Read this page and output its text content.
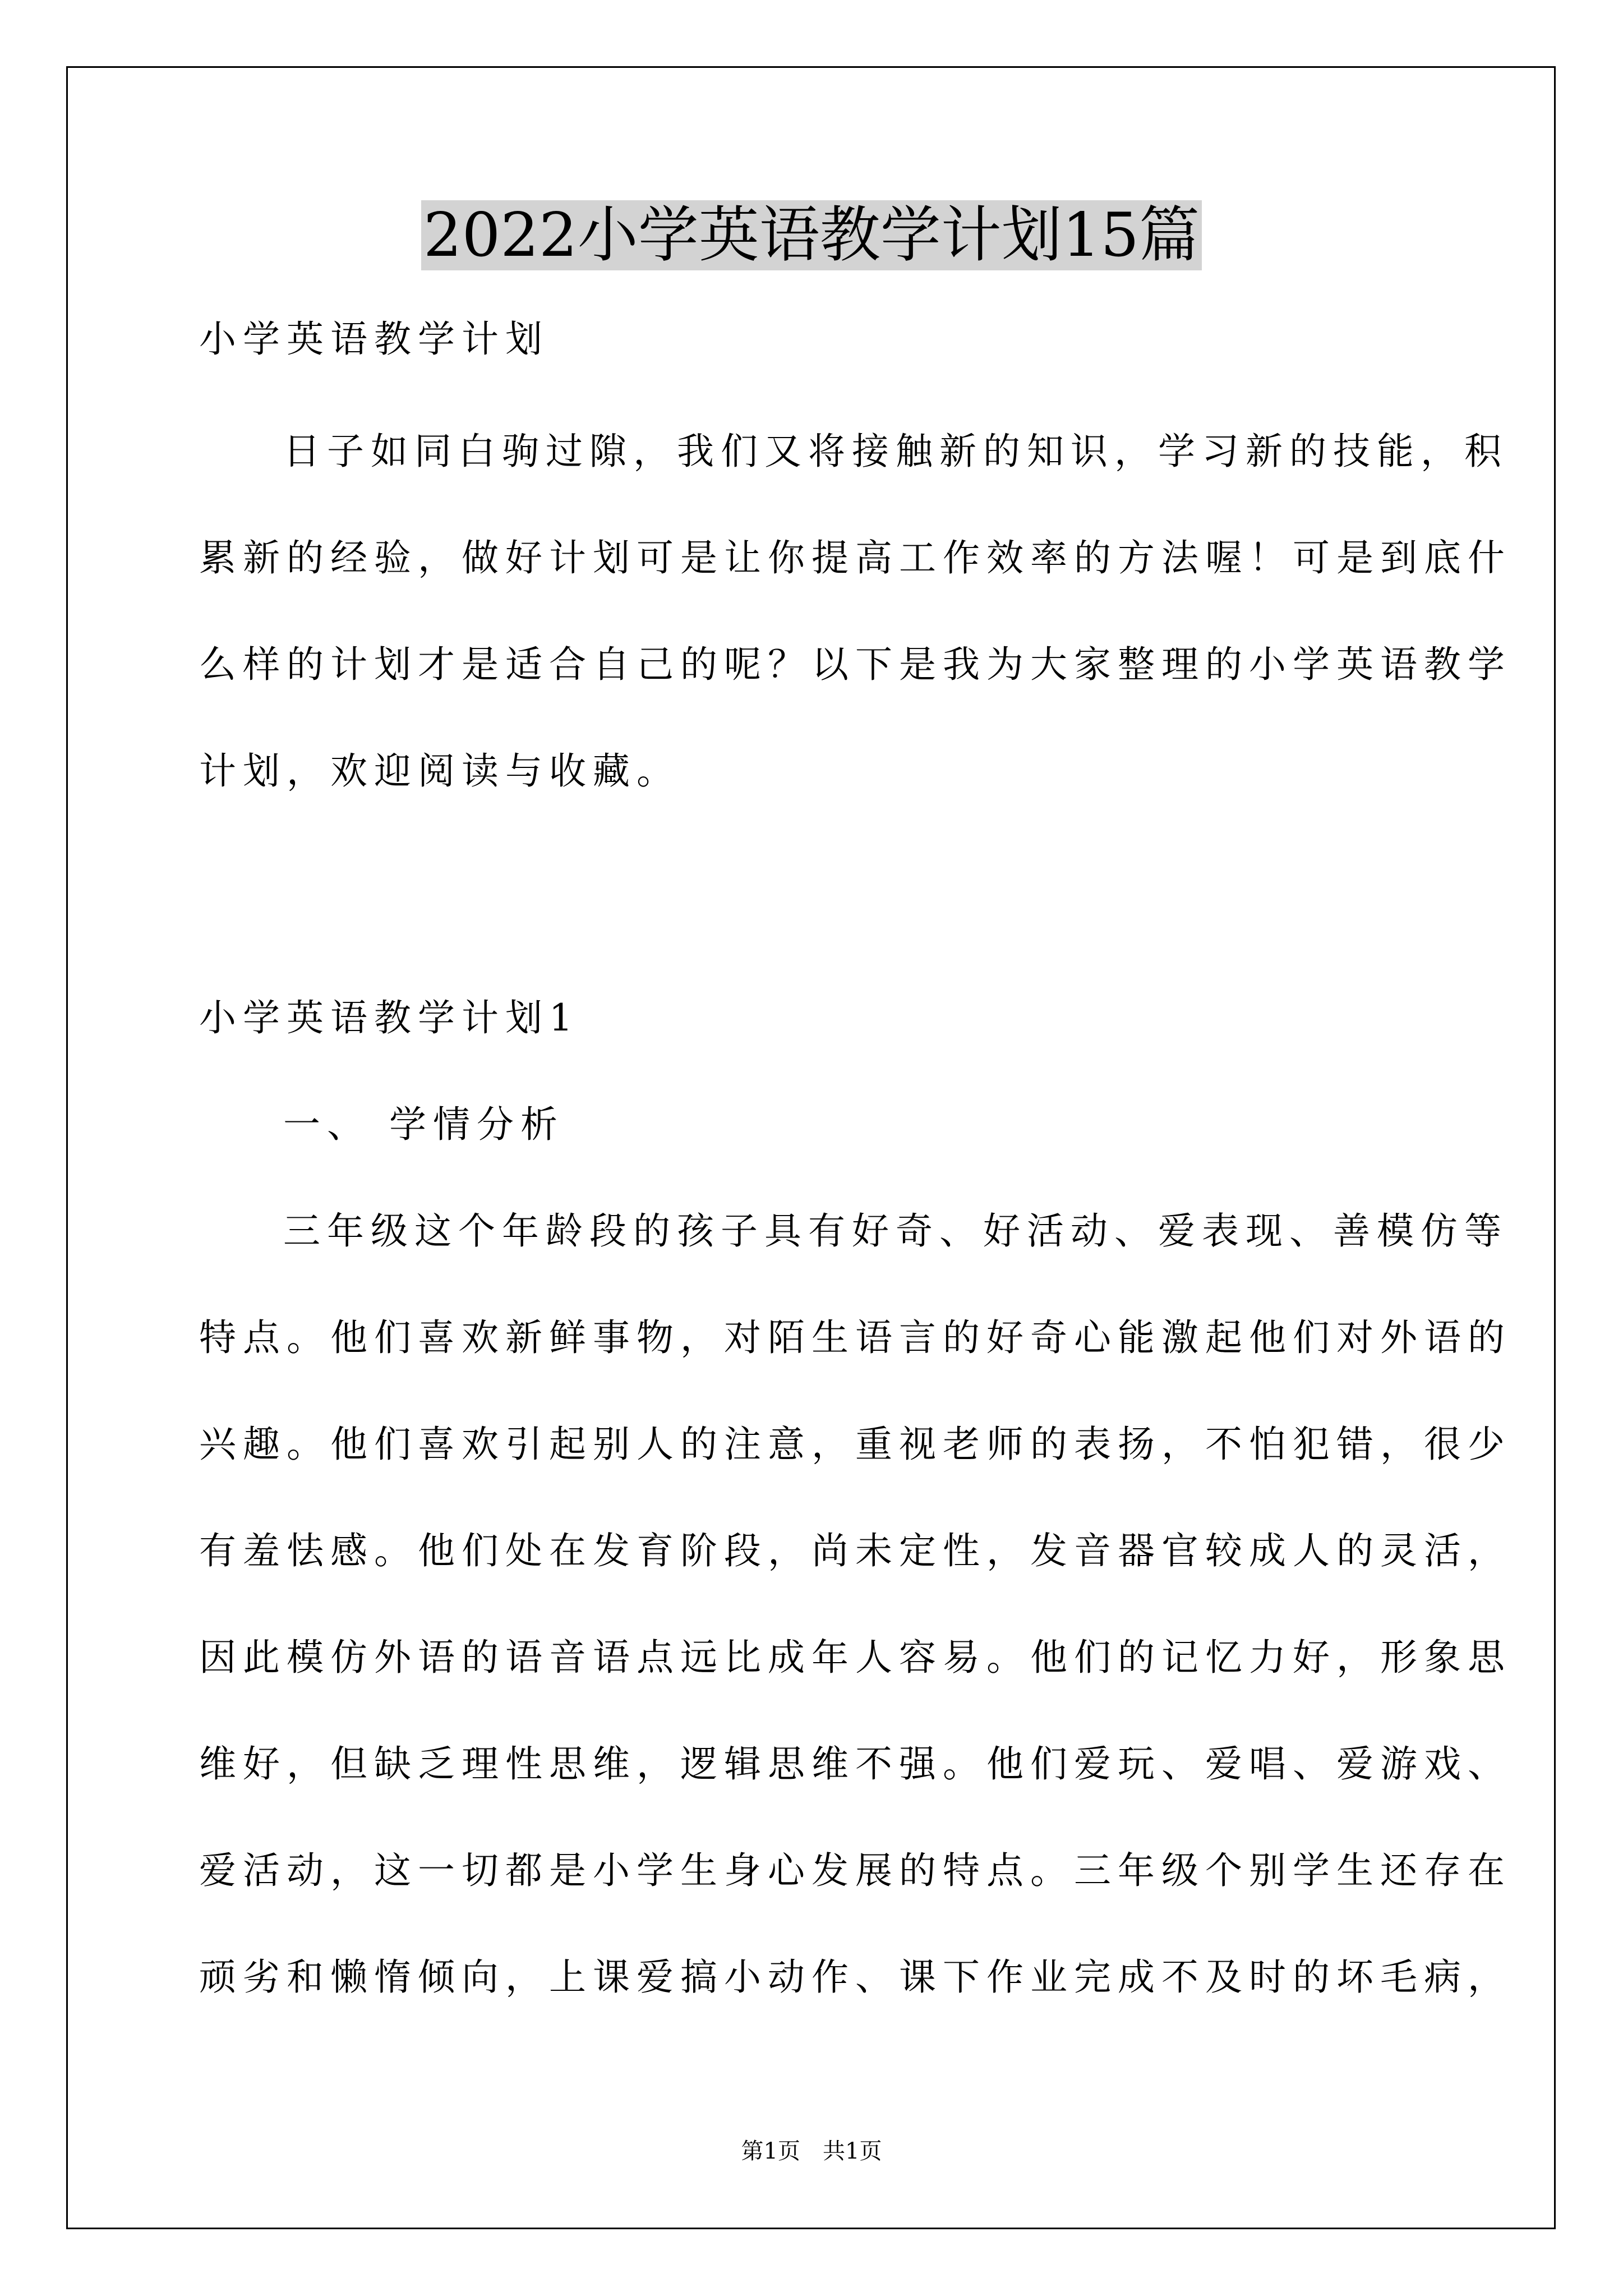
2022小学英语教学计划15篇

小学英语教学计划

日子如同白驹过隙，我们又将接触新的知识，学习新的技能，积

累新的经验，做好计划可是让你提高工作效率的方法喔！可是到底什

么样的计划才是适合自己的呢？以下是我为大家整理的小学英语教学

计划，欢迎阅读与收藏。

小学英语教学计划1

一、 学情分析

三年级这个年龄段的孩子具有好奇、好活动、爱表现、善模仿等

特点。他们喜欢新鲜事物，对陌生语言的好奇心能激起他们对外语的

兴趣。他们喜欢引起别人的注意，重视老师的表扬，不怕犯错，很少

有羞怯感。他们处在发育阶段，尚未定性，发音器官较成人的灵活，

因此模仿外语的语音语点远比成年人容易。他们的记忆力好，形象思

维好，但缺乏理性思维，逻辑思维不强。他们爱玩、爱唱、爱游戏、

爱活动，这一切都是小学生身心发展的特点。三年级个别学生还存在

顽劣和懒惰倾向，上课爱搞小动作、课下作业完成不及时的坏毛病，

第1页　共1页
